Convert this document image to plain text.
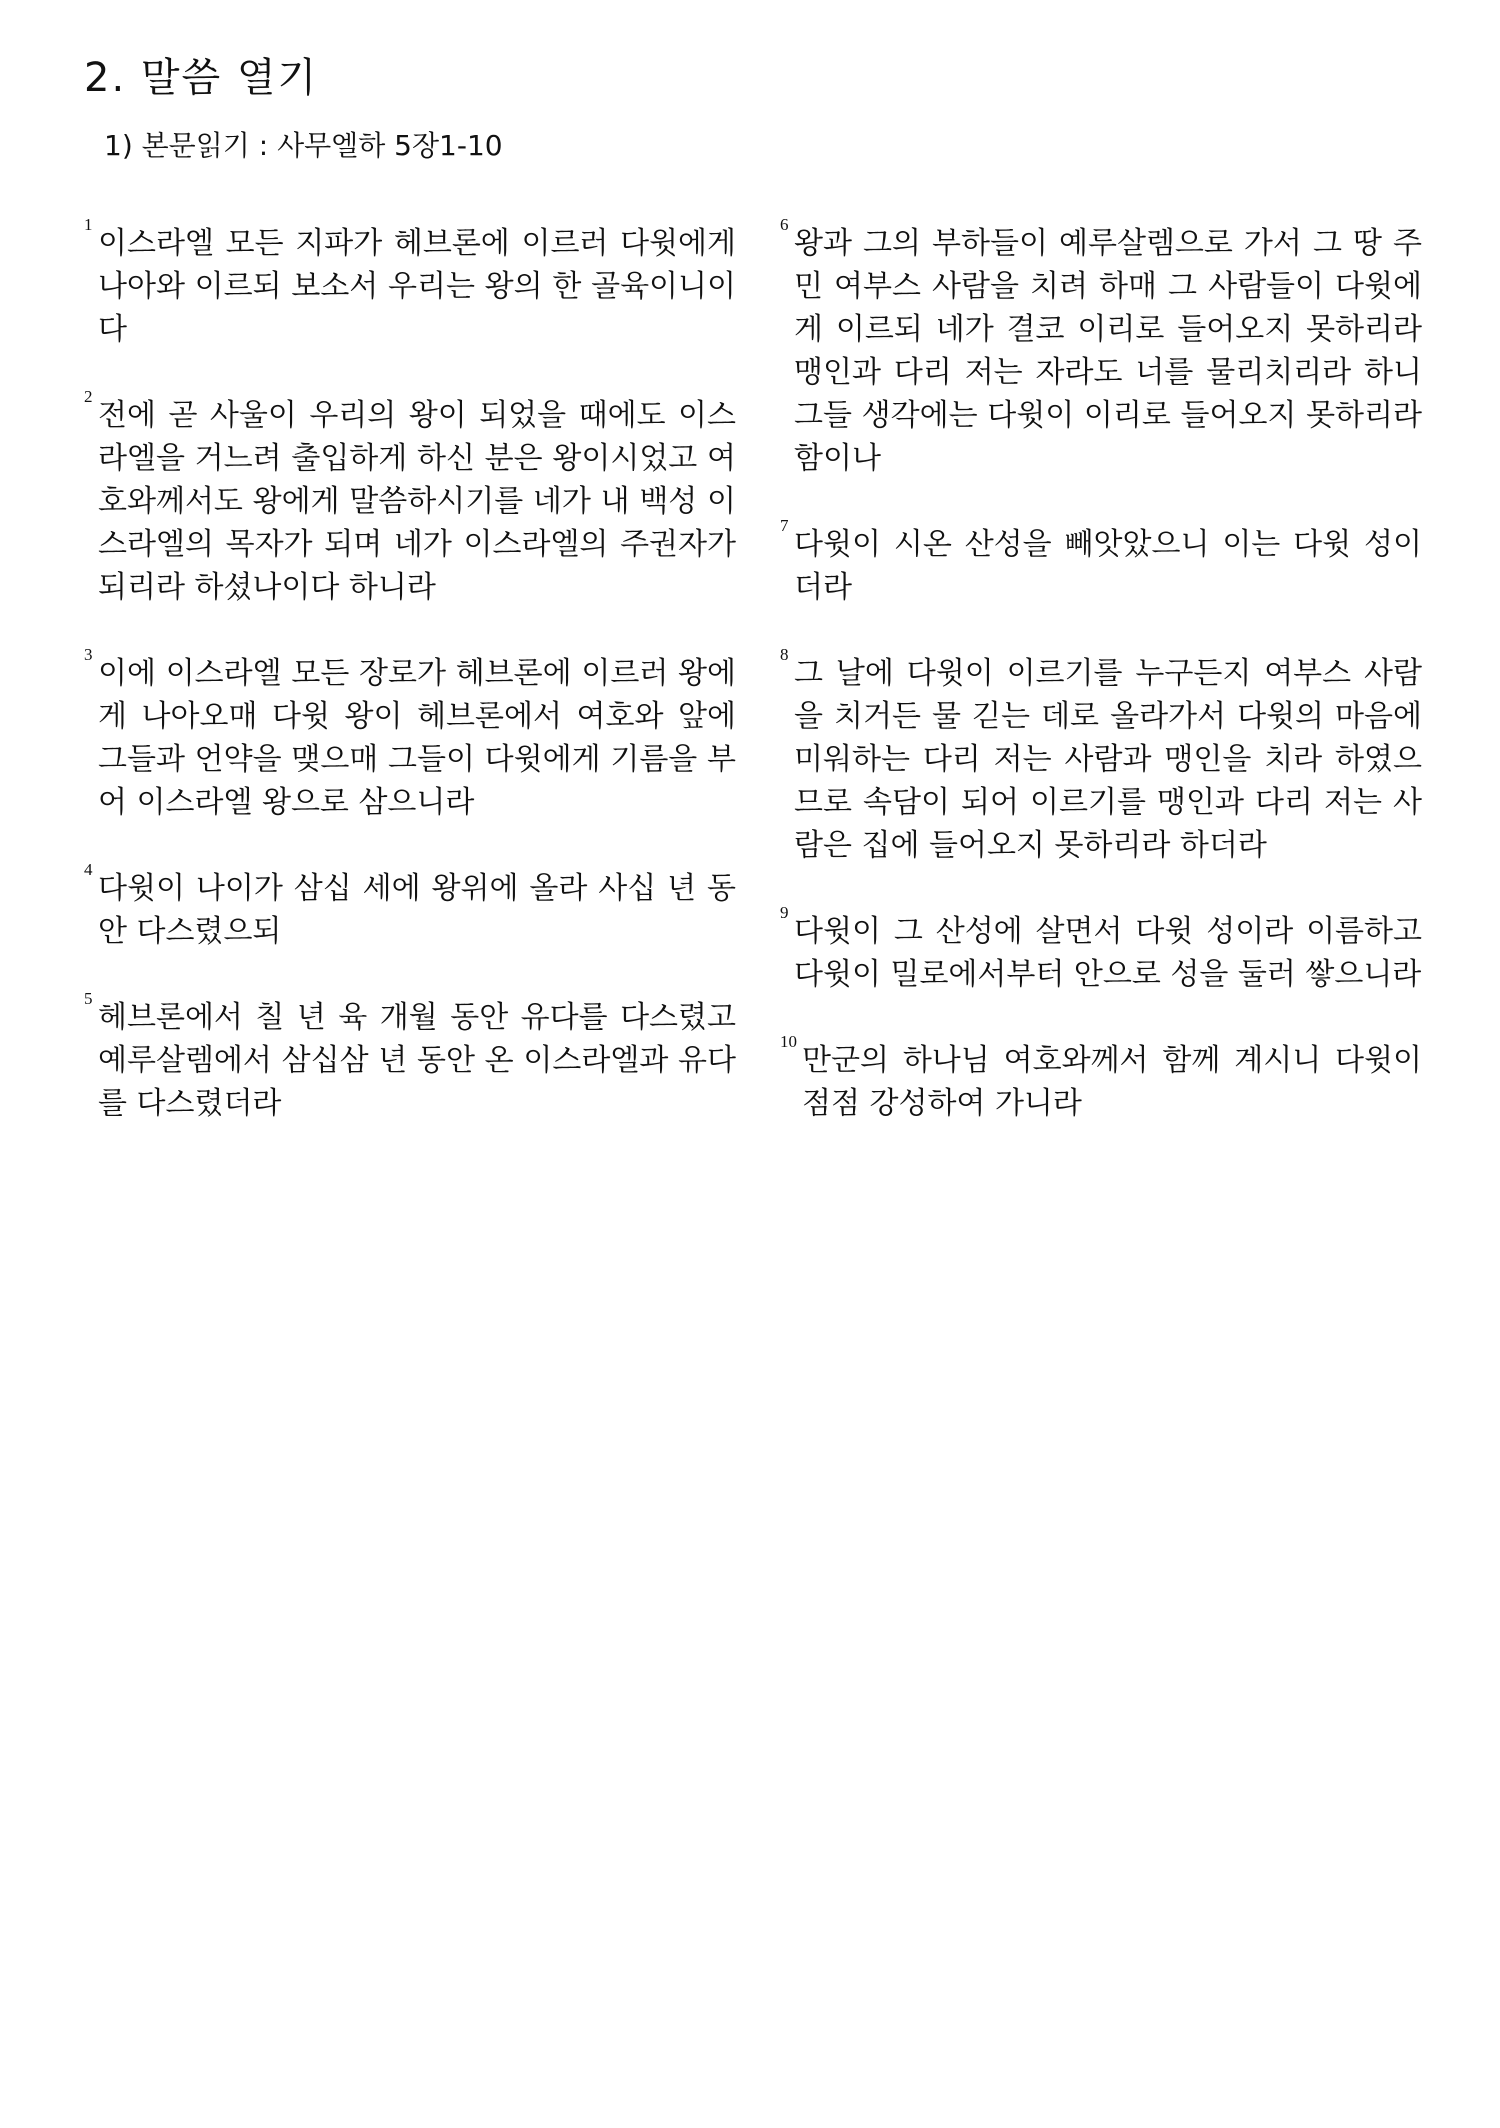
2. 말씀 열기
1) 본문읽기 : 사무엘하 5장1-10

1
이스라엘 모든 지파가 헤브론에 이르러 다윗에게 나아와 이르되 보소서 우리는 왕의 한 골육이니이다

2
전에 곧 사울이 우리의 왕이 되었을 때에도 이스라엘을 거느려 출입하게 하신 분은 왕이시었고 여호와께서도 왕에게 말씀하시기를 네가 내 백성 이스라엘의 목자가 되며 네가 이스라엘의 주권자가 되리라 하셨나이다 하니라

3
이에 이스라엘 모든 장로가 헤브론에 이르러 왕에게 나아오매 다윗 왕이 헤브론에서 여호와 앞에 그들과 언약을 맺으매 그들이 다윗에게 기름을 부어 이스라엘 왕으로 삼으니라

4
다윗이 나이가 삼십 세에 왕위에 올라 사십 년 동안 다스렸으되

5
헤브론에서 칠 년 육 개월 동안 유다를 다스렸고 예루살렘에서 삼십삼 년 동안 온 이스라엘과 유다를 다스렸더라

6
왕과 그의 부하들이 예루살렘으로 가서 그 땅 주민 여부스 사람을 치려 하매 그 사람들이 다윗에게 이르되 네가 결코 이리로 들어오지 못하리라 맹인과 다리 저는 자라도 너를 물리치리라 하니 그들 생각에는 다윗이 이리로 들어오지 못하리라 함이나

7
다윗이 시온 산성을 빼앗았으니 이는 다윗 성이더라

8
그 날에 다윗이 이르기를 누구든지 여부스 사람을 치거든 물 긷는 데로 올라가서 다윗의 마음에 미워하는 다리 저는 사람과 맹인을 치라 하였으므로 속담이 되어 이르기를 맹인과 다리 저는 사람은 집에 들어오지 못하리라 하더라

9
다윗이 그 산성에 살면서 다윗 성이라 이름하고 다윗이 밀로에서부터 안으로 성을 둘러 쌓으니라

10
만군의 하나님 여호와께서 함께 계시니 다윗이 점점 강성하여 가니라
